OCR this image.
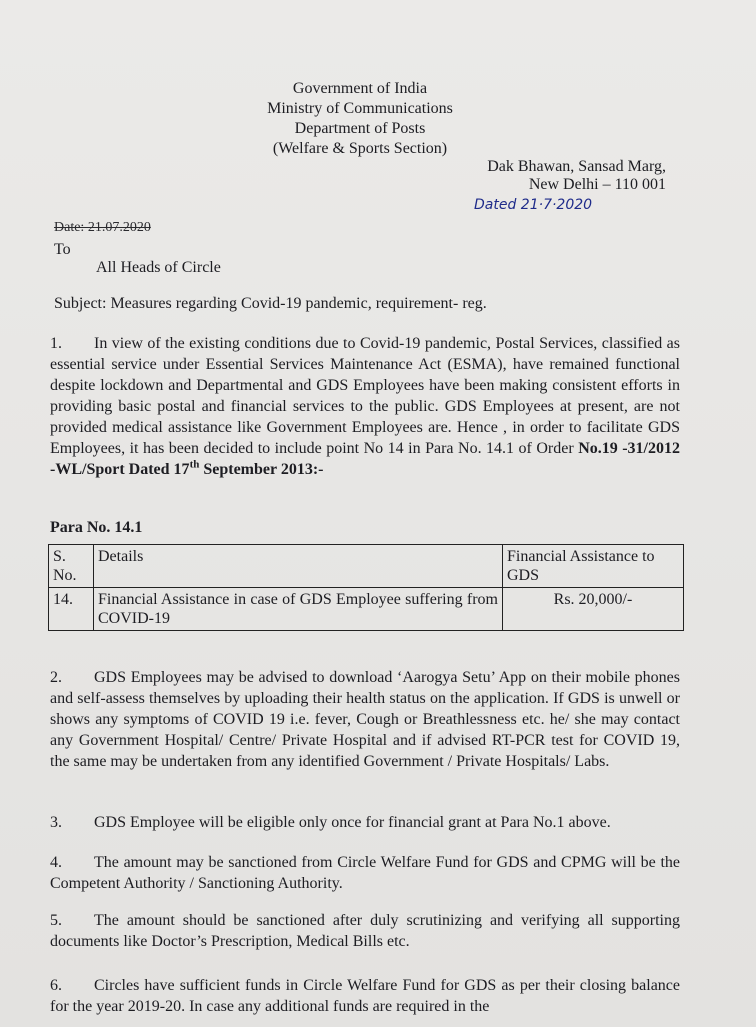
Government of India
Ministry of Communications
Department of Posts
(Welfare & Sports Section)
Dak Bhawan, Sansad Marg,
New Delhi – 110 001
Dated 21·7·2020
Date: 21.07.2020
To
All Heads of Circle
Subject: Measures regarding Covid-19 pandemic, requirement- reg.
1. In view of the existing conditions due to Covid-19 pandemic, Postal Services, classified as essential service under Essential Services Maintenance Act (ESMA), have remained functional despite lockdown and Departmental and GDS Employees have been making consistent efforts in providing basic postal and financial services to the public. GDS Employees at present, are not provided medical assistance like Government Employees are. Hence , in order to facilitate GDS Employees, it has been decided to include point No 14 in Para No. 14.1 of Order No.19 -31/2012 -WL/Sport Dated 17th September 2013:-
Para No. 14.1
S. No.	Details	Financial Assistance to GDS
14.	Financial Assistance in case of GDS Employee suffering from COVID-19	Rs. 20,000/-
2. GDS Employees may be advised to download ‘Aarogya Setu’ App on their mobile phones and self-assess themselves by uploading their health status on the application. If GDS is unwell or shows any symptoms of COVID 19 i.e. fever, Cough or Breathlessness etc. he/ she may contact any Government Hospital/ Centre/ Private Hospital and if advised RT-PCR test for COVID 19, the same may be undertaken from any identified Government / Private Hospitals/ Labs.
3. GDS Employee will be eligible only once for financial grant at Para No.1 above.
4. The amount may be sanctioned from Circle Welfare Fund for GDS and CPMG will be the Competent Authority / Sanctioning Authority.
5. The amount should be sanctioned after duly scrutinizing and verifying all supporting documents like Doctor’s Prescription, Medical Bills etc.
6. Circles have sufficient funds in Circle Welfare Fund for GDS as per their closing balance for the year 2019-20. In case any additional funds are required in the
